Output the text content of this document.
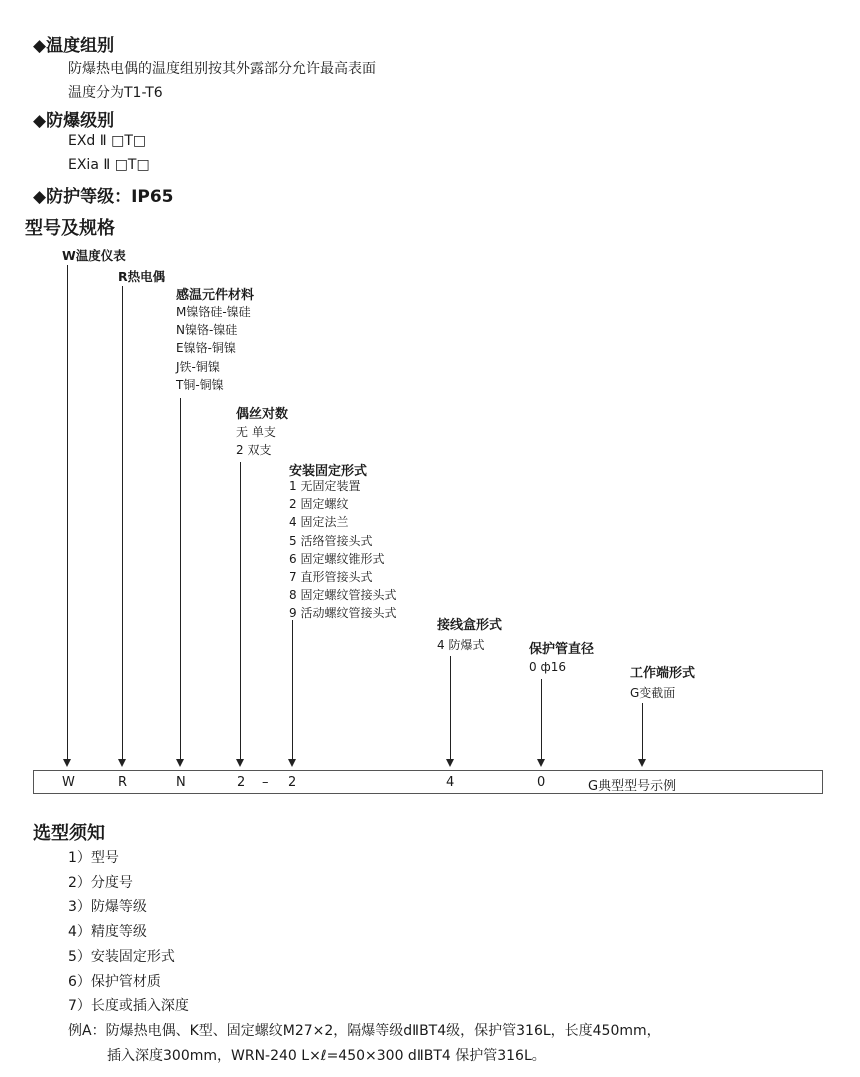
◆温度组别
防爆热电偶的温度组别按其外露部分允许最高表面
温度分为T1-T6
◆防爆级别
EXd Ⅱ □T□
EXia Ⅱ □T□
◆防护等级：IP65
型号及规格
W温度仪表
R热电偶
感温元件材料
M镍铬硅-镍硅
N镍铬-镍硅
E镍铬-铜镍
J铁-铜镍
T铜-铜镍
偶丝对数
无 单支
2 双支
安装固定形式
1 无固定装置
2 固定螺纹
4 固定法兰
5 活络管接头式
6 固定螺纹锥形式
7 直形管接头式
8 固定螺纹管接头式
9 活动螺纹管接头式
接线盒形式
4 防爆式	保护管直径
0 ф16	工作端形式
G变截面
W	R	N	2 – 2	4	0	G典型型号示例
选型须知
1）型号
2）分度号
3）防爆等级
4）精度等级
5）安装固定形式
6）保护管材质
7）长度或插入深度
例A：防爆热电偶、K型、固定螺纹M27×2，隔爆等级dⅡBT4级，保护管316L，长度450mm，
插入深度300mm，WRN-240 L×ℓ=450×300 dⅡBT4 保护管316L。
